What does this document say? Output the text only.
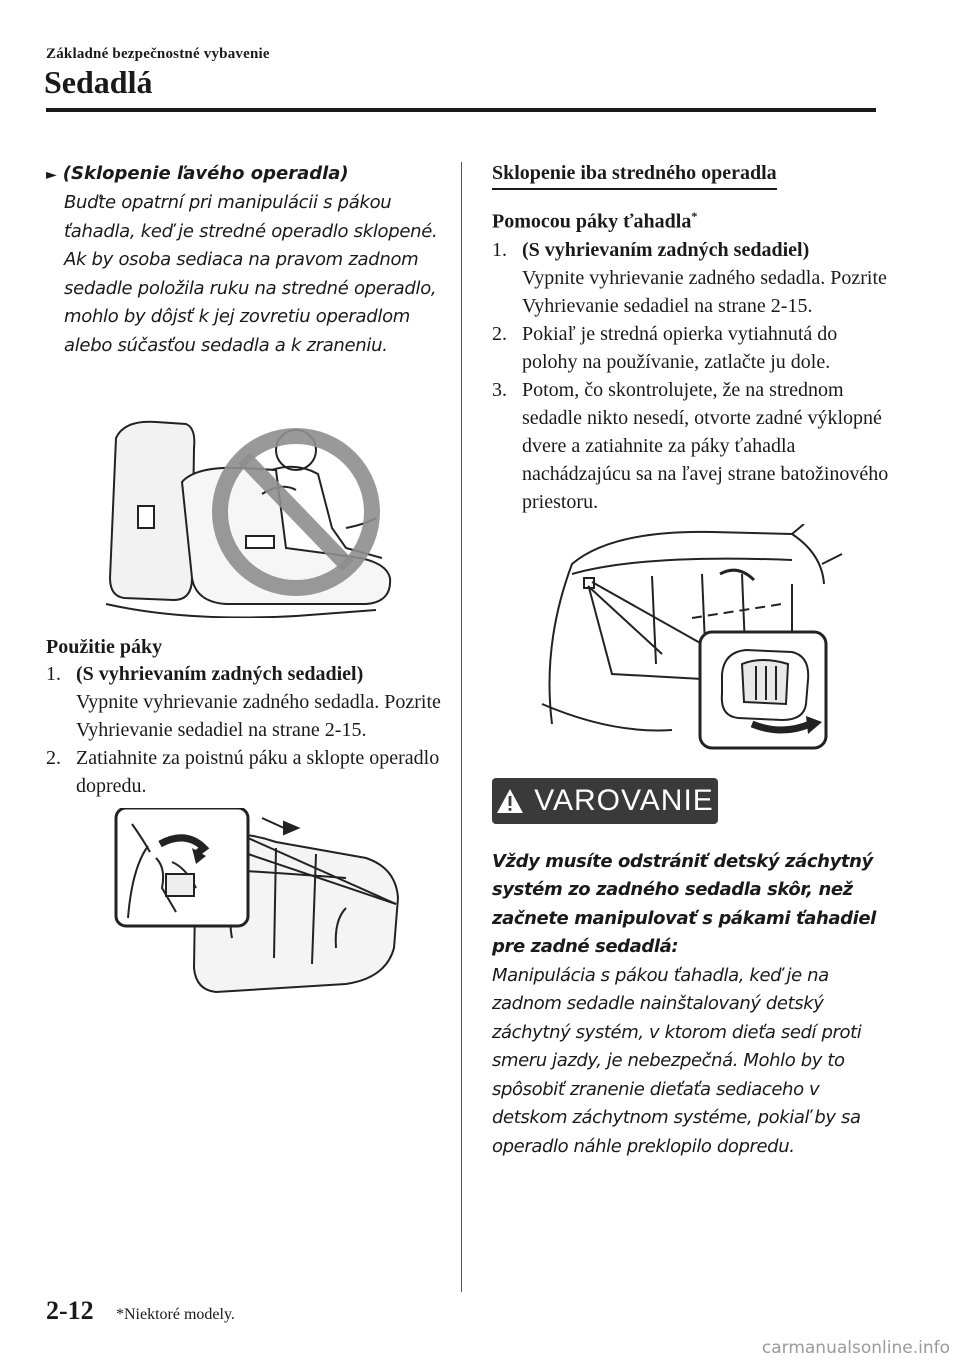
Základné bezpečnostné vybavenie
Sedadlá

► (Sklopenie ľavého operadla)

Buďte opatrní pri manipulácii s pákou ťahadla, keď je stredné operadlo sklopené. Ak by osoba sediaca na pravom zadnom sedadle položila ruku na stredné operadlo, mohlo by dôjsť k jej zovretiu operadlom alebo súčasťou sedadla a k zraneniu.

Použitie páky

1. (S vyhrievaním zadných sedadiel)
Vypnite vyhrievanie zadného sedadla. Pozrite Vyhrievanie sedadiel na strane 2-15.
2. Zatiahnite za poistnú páku a sklopte operadlo dopredu.

Sklopenie iba stredného operadla

Pomocou páky ťahadla*

1. (S vyhrievaním zadných sedadiel)
Vypnite vyhrievanie zadného sedadla. Pozrite Vyhrievanie sedadiel na strane 2-15.
2. Pokiaľ je stredná opierka vytiahnutá do polohy na používanie, zatlačte ju dole.
3. Potom, čo skontrolujete, že na strednom sedadle nikto nesedí, otvorte zadné výklopné dvere a zatiahnite za páky ťahadla nachádzajúcu sa na ľavej strane batožinového priestoru.
VAROVANIE

Vždy musíte odstrániť detský záchytný systém zo zadného sedadla skôr, než začnete manipulovať s pákami ťahadiel pre zadné sedadlá:

Manipulácia s pákou ťahadla, keď je na zadnom sedadle nainštalovaný detský záchytný systém, v ktorom dieťa sedí proti smeru jazdy, je nebezpečná. Mohlo by to spôsobiť zranenie dieťaťa sediaceho v detskom záchytnom systéme, pokiaľ by sa operadlo náhle preklopilo dopredu.

2-12 *Niektoré modely.
carmanualsonline.info
